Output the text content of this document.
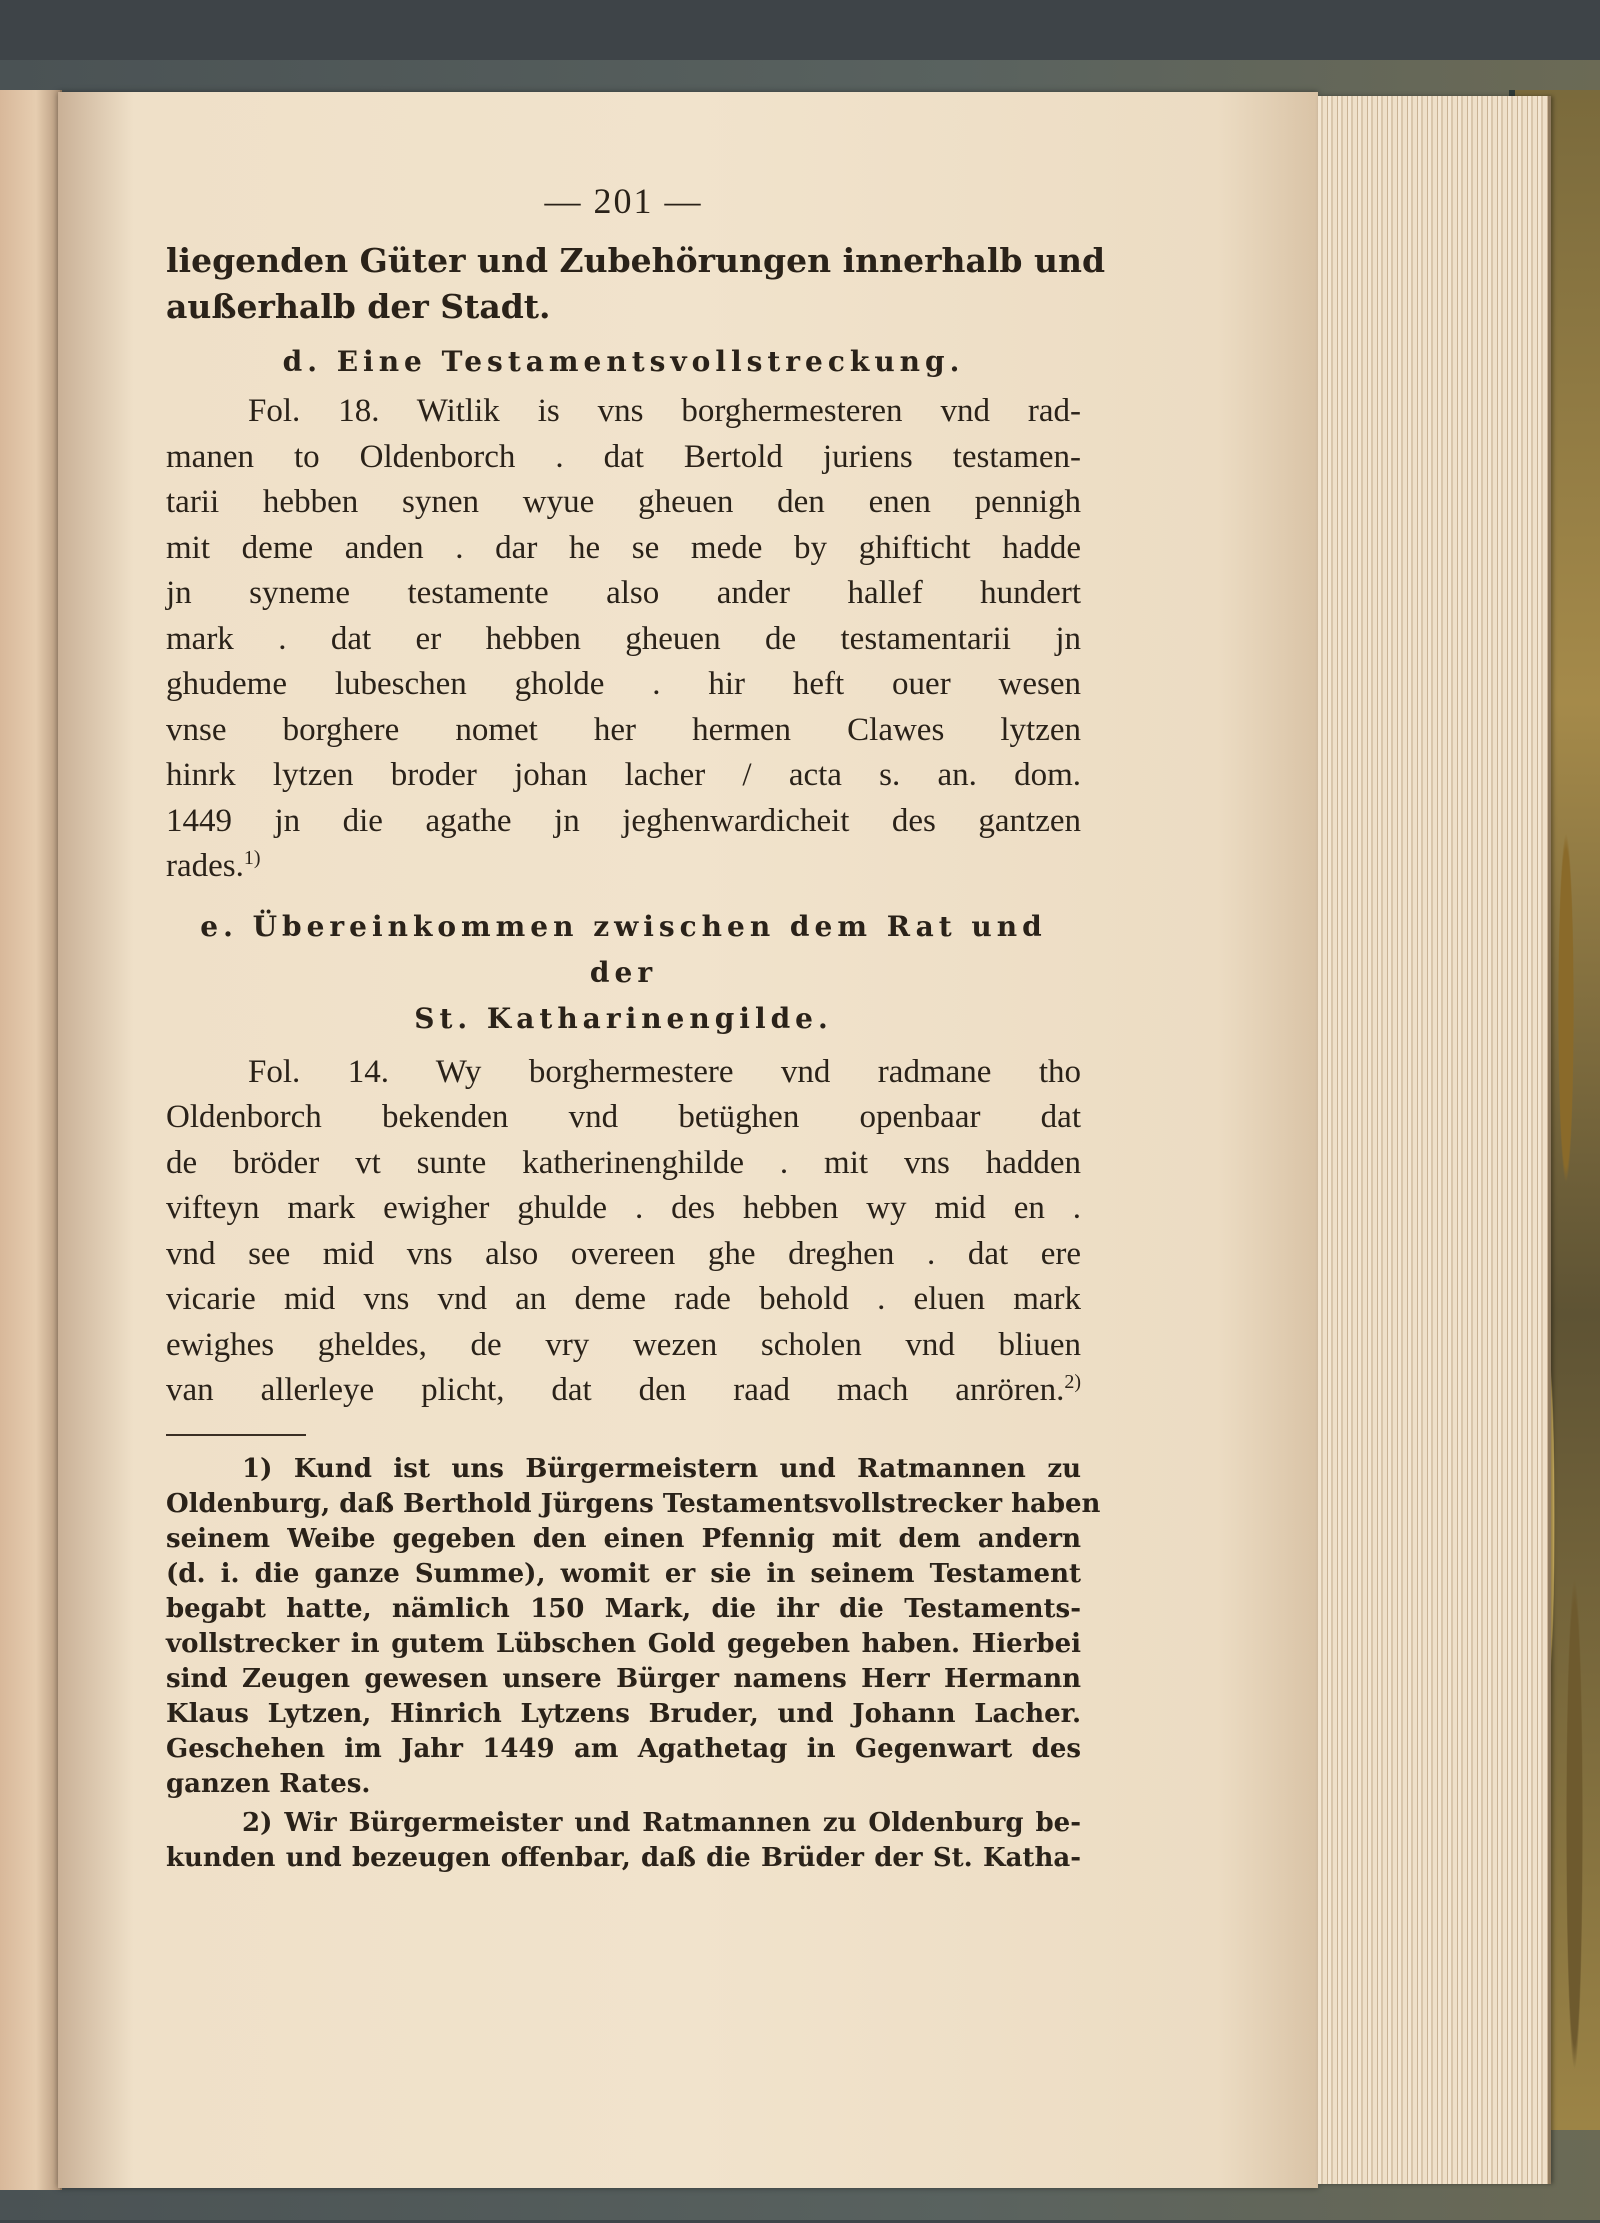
— 201 —
liegenden Güter und Zubehörungen innerhalb und
außerhalb der Stadt.
d. Eine Testamentsvollstreckung.
Fol. 18. Witlik is vns borghermesteren vnd rad-
manen to Oldenborch . dat Bertold juriens testamen-
tarii hebben synen wyue gheuen den enen pennigh
mit deme anden . dar he se mede by ghifticht hadde
jn syneme testamente also ander hallef hundert
mark . dat er hebben gheuen de testamentarii jn
ghudeme lubeschen gholde . hir heft ouer wesen
vnse borghere nomet her hermen Clawes lytzen
hinrk lytzen broder johan lacher / acta s. an. dom.
1449 jn die agathe jn jeghenwardicheit des gantzen
rades.$^{1)}$
e. Übereinkommen zwischen dem Rat und der
St. Katharinengilde.
Fol. 14. Wy borghermestere vnd radmane tho
Oldenborch bekenden vnd betüghen openbaar dat
de bröder vt sunte katherinenghilde . mit vns hadden
vifteyn mark ewigher ghulde . des hebben wy mid en .
vnd see mid vns also overeen ghe dreghen . dat ere
vicarie mid vns vnd an deme rade behold . eluen mark
ewighes gheldes, de vry wezen scholen vnd bliuen
van allerleye plicht, dat den raad mach anrören.$^{2)}$
1) Kund ist uns Bürgermeistern und Ratmannen zu
Oldenburg, daß Berthold Jürgens Testamentsvollstrecker haben
seinem Weibe gegeben den einen Pfennig mit dem andern
(d. i. die ganze Summe), womit er sie in seinem Testament
begabt hatte, nämlich 150 Mark, die ihr die Testaments-
vollstrecker in gutem Lübschen Gold gegeben haben. Hierbei
sind Zeugen gewesen unsere Bürger namens Herr Hermann
Klaus Lytzen, Hinrich Lytzens Bruder, und Johann Lacher.
Geschehen im Jahr 1449 am Agathetag in Gegenwart des
ganzen Rates.
2) Wir Bürgermeister und Ratmannen zu Oldenburg be-
kunden und bezeugen offenbar, daß die Brüder der St. Katha-
